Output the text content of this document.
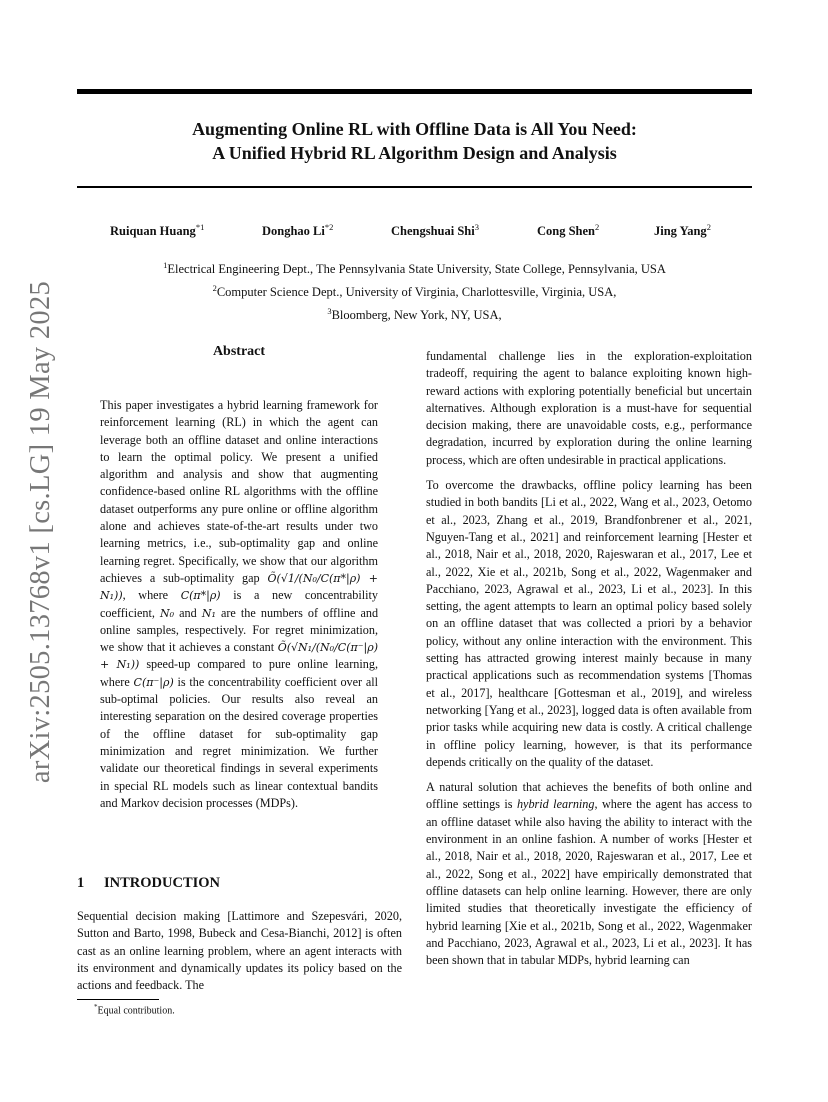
arXiv:2505.13768v1 [cs.LG] 19 May 2025
Augmenting Online RL with Offline Data is All You Need:
A Unified Hybrid RL Algorithm Design and Analysis
Ruiquan Huang$^{*1}$	Donghao Li$^{*2}$	Chengshuai Shi$^3$	Cong Shen$^2$	Jing Yang$^2$
$^1$Electrical Engineering Dept., The Pennsylvania State University, State College, Pennsylvania, USA
$^2$Computer Science Dept., University of Virginia, Charlottesville, Virginia, USA,
$^3$Bloomberg, New York, NY, USA,
Abstract

This paper investigates a hybrid learning framework for reinforcement learning (RL) in which the agent can leverage both an offline dataset and online interactions to learn the optimal policy. We present a unified algorithm and analysis and show that augmenting confidence-based online RL algorithms with the offline dataset outperforms any pure online or offline algorithm alone and achieves state-of-the-art results under two learning metrics, i.e., sub-optimality gap and online learning regret. Specifically, we show that our algorithm achieves a sub-optimality gap Õ(√1/(N₀/C(π*|ρ) + N₁)), where C(π*|ρ) is a new concentrability coefficient, N₀ and N₁ are the numbers of offline and online samples, respectively. For regret minimization, we show that it achieves a constant Õ(√N₁/(N₀/C(π⁻|ρ) + N₁)) speed-up compared to pure online learning, where C(π⁻|ρ) is the concentrability coefficient over all sub-optimal policies. Our results also reveal an interesting separation on the desired coverage properties of the offline dataset for sub-optimality gap minimization and regret minimization. We further validate our theoretical findings in several experiments in special RL models such as linear contextual bandits and Markov decision processes (MDPs).

1 INTRODUCTION

Sequential decision making [Lattimore and Szepesvári, 2020, Sutton and Barto, 1998, Bubeck and Cesa-Bianchi, 2012] is often cast as an online learning problem, where an agent interacts with its environment and dynamically updates its policy based on the actions and feedback. The

*Equal contribution.

fundamental challenge lies in the exploration-exploitation tradeoff, requiring the agent to balance exploiting known high-reward actions with exploring potentially beneficial but uncertain alternatives. Although exploration is a must-have for sequential decision making, there are unavoidable costs, e.g., performance degradation, incurred by exploration during the online learning process, which are often undesirable in practical applications.

To overcome the drawbacks, offline policy learning has been studied in both bandits [Li et al., 2022, Wang et al., 2023, Oetomo et al., 2023, Zhang et al., 2019, Brandfonbrener et al., 2021, Nguyen-Tang et al., 2021] and reinforcement learning [Hester et al., 2018, Nair et al., 2018, 2020, Rajeswaran et al., 2017, Lee et al., 2022, Xie et al., 2021b, Song et al., 2022, Wagenmaker and Pacchiano, 2023, Agrawal et al., 2023, Li et al., 2023]. In this setting, the agent attempts to learn an optimal policy based solely on an offline dataset that was collected a priori by a behavior policy, without any online interaction with the environment. This setting has attracted growing interest mainly because in many practical applications such as recommendation systems [Thomas et al., 2017], healthcare [Gottesman et al., 2019], and wireless networking [Yang et al., 2023], logged data is often available from prior tasks while acquiring new data is costly. A critical challenge in offline policy learning, however, is that its performance depends critically on the quality of the dataset.

A natural solution that achieves the benefits of both online and offline settings is hybrid learning, where the agent has access to an offline dataset while also having the ability to interact with the environment in an online fashion. A number of works [Hester et al., 2018, Nair et al., 2018, 2020, Rajeswaran et al., 2017, Lee et al., 2022, Song et al., 2022] have empirically demonstrated that offline datasets can help online learning. However, there are only limited studies that theoretically investigate the efficiency of hybrid learning [Xie et al., 2021b, Song et al., 2022, Wagenmaker and Pacchiano, 2023, Agrawal et al., 2023, Li et al., 2023]. It has been shown that in tabular MDPs, hybrid learning can
